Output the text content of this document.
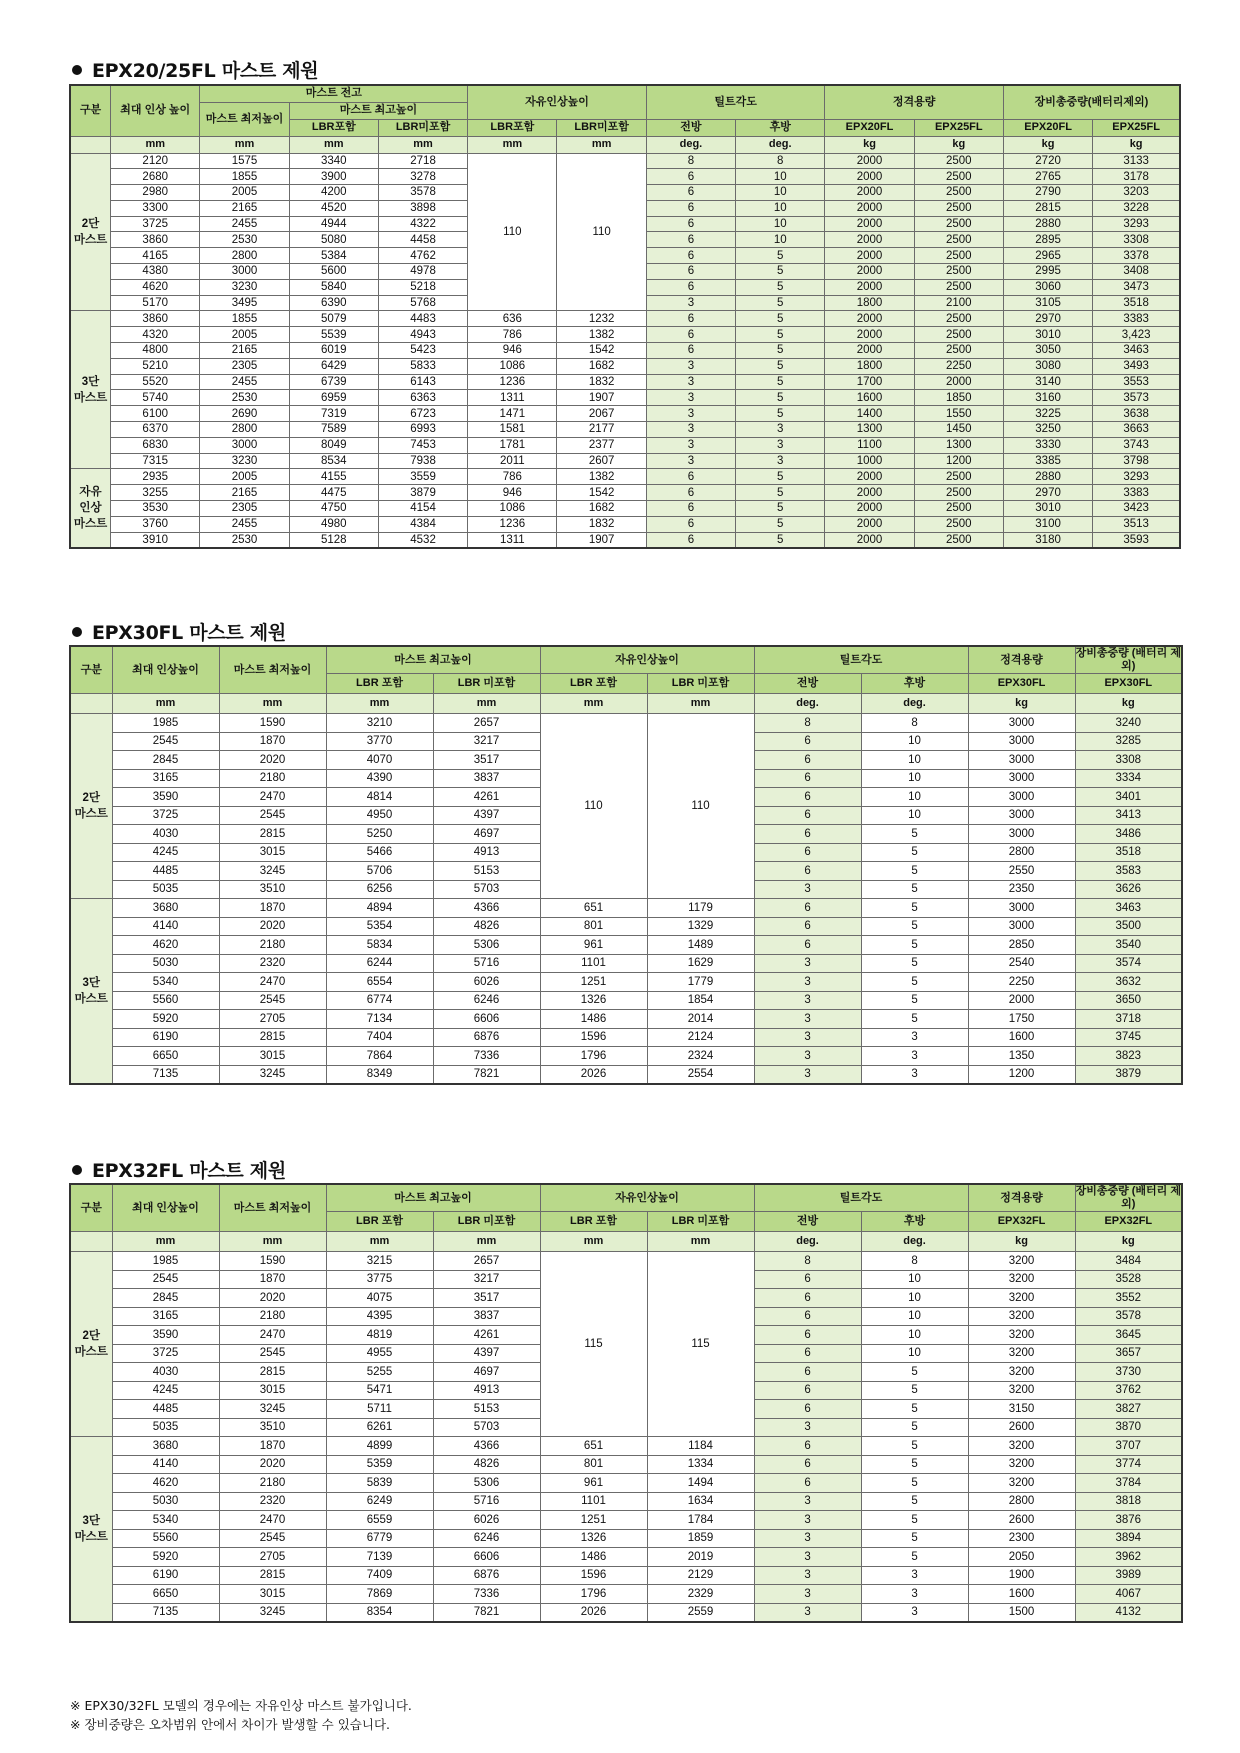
EPX20/25FL 마스트 제원
구분	최대 인상 높이	마스트 전고			자유인상높이		틸트각도		정격용량		장비총중량(배터리제외)	
		마스트 최저높이	마스트 최고높이									
			LBR포함	LBR미포함	LBR포함	LBR미포함	전방	후방	EPX20FL	EPX25FL	EPX20FL	EPX25FL
	mm	mm	mm	mm	mm	mm	deg.	deg.	kg	kg	kg	kg

2단
마스트	2120	1575	3340	2718	110	110	8	8	2000	2500	2720	3133
	2680	1855	3900	3278			6	10	2000	2500	2765	3178
	2980	2005	4200	3578			6	10	2000	2500	2790	3203
	3300	2165	4520	3898			6	10	2000	2500	2815	3228
	3725	2455	4944	4322			6	10	2000	2500	2880	3293
	3860	2530	5080	4458			6	10	2000	2500	2895	3308
	4165	2800	5384	4762			6	5	2000	2500	2965	3378
	4380	3000	5600	4978			6	5	2000	2500	2995	3408
	4620	3230	5840	5218			6	5	2000	2500	3060	3473
	5170	3495	6390	5768			3	5	1800	2100	3105	3518

3단
마스트	3860	1855	5079	4483	636	1232	6	5	2000	2500	2970	3383
	4320	2005	5539	4943	786	1382	6	5	2000	2500	3010	3,423
	4800	2165	6019	5423	946	1542	6	5	2000	2500	3050	3463
	5210	2305	6429	5833	1086	1682	3	5	1800	2250	3080	3493
	5520	2455	6739	6143	1236	1832	3	5	1700	2000	3140	3553
	5740	2530	6959	6363	1311	1907	3	5	1600	1850	3160	3573
	6100	2690	7319	6723	1471	2067	3	5	1400	1550	3225	3638
	6370	2800	7589	6993	1581	2177	3	3	1300	1450	3250	3663
	6830	3000	8049	7453	1781	2377	3	3	1100	1300	3330	3743
	7315	3230	8534	7938	2011	2607	3	3	1000	1200	3385	3798

자유
인상
마스트	2935	2005	4155	3559	786	1382	6	5	2000	2500	2880	3293
	3255	2165	4475	3879	946	1542	6	5	2000	2500	2970	3383
	3530	2305	4750	4154	1086	1682	6	5	2000	2500	3010	3423
	3760	2455	4980	4384	1236	1832	6	5	2000	2500	3100	3513
	3910	2530	5128	4532	1311	1907	6	5	2000	2500	3180	3593
EPX30FL 마스트 제원
구분	최대 인상높이	마스트 최저높이	마스트 최고높이		자유인상높이		틸트각도		정격용량	장비총중량 (배터리 제외)
			LBR 포함	LBR 미포함	LBR 포함	LBR 미포함	전방	후방	EPX30FL	EPX30FL
	mm	mm	mm	mm	mm	mm	deg.	deg.	kg	kg

2단
마스트	1985	1590	3210	2657	110	110	8	8	3000	3240
	2545	1870	3770	3217			6	10	3000	3285
	2845	2020	4070	3517			6	10	3000	3308
	3165	2180	4390	3837			6	10	3000	3334
	3590	2470	4814	4261			6	10	3000	3401
	3725	2545	4950	4397			6	10	3000	3413
	4030	2815	5250	4697			6	5	3000	3486
	4245	3015	5466	4913			6	5	2800	3518
	4485	3245	5706	5153			6	5	2550	3583
	5035	3510	6256	5703			3	5	2350	3626

3단
마스트	3680	1870	4894	4366	651	1179	6	5	3000	3463
	4140	2020	5354	4826	801	1329	6	5	3000	3500
	4620	2180	5834	5306	961	1489	6	5	2850	3540
	5030	2320	6244	5716	1101	1629	3	5	2540	3574
	5340	2470	6554	6026	1251	1779	3	5	2250	3632
	5560	2545	6774	6246	1326	1854	3	5	2000	3650
	5920	2705	7134	6606	1486	2014	3	5	1750	3718
	6190	2815	7404	6876	1596	2124	3	3	1600	3745
	6650	3015	7864	7336	1796	2324	3	3	1350	3823
	7135	3245	8349	7821	2026	2554	3	3	1200	3879
EPX32FL 마스트 제원
구분	최대 인상높이	마스트 최저높이	마스트 최고높이		자유인상높이		틸트각도		정격용량	장비총중량 (배터리 제외)
			LBR 포함	LBR 미포함	LBR 포함	LBR 미포함	전방	후방	EPX32FL	EPX32FL
	mm	mm	mm	mm	mm	mm	deg.	deg.	kg	kg

2단
마스트	1985	1590	3215	2657	115	115	8	8	3200	3484
	2545	1870	3775	3217			6	10	3200	3528
	2845	2020	4075	3517			6	10	3200	3552
	3165	2180	4395	3837			6	10	3200	3578
	3590	2470	4819	4261			6	10	3200	3645
	3725	2545	4955	4397			6	10	3200	3657
	4030	2815	5255	4697			6	5	3200	3730
	4245	3015	5471	4913			6	5	3200	3762
	4485	3245	5711	5153			6	5	3150	3827
	5035	3510	6261	5703			3	5	2600	3870

3단
마스트	3680	1870	4899	4366	651	1184	6	5	3200	3707
	4140	2020	5359	4826	801	1334	6	5	3200	3774
	4620	2180	5839	5306	961	1494	6	5	3200	3784
	5030	2320	6249	5716	1101	1634	3	5	2800	3818
	5340	2470	6559	6026	1251	1784	3	5	2600	3876
	5560	2545	6779	6246	1326	1859	3	5	2300	3894
	5920	2705	7139	6606	1486	2019	3	5	2050	3962
	6190	2815	7409	6876	1596	2129	3	3	1900	3989
	6650	3015	7869	7336	1796	2329	3	3	1600	4067
	7135	3245	8354	7821	2026	2559	3	3	1500	4132
※ EPX30/32FL 모델의 경우에는 자유인상 마스트 불가입니다.
※ 장비중량은 오차범위 안에서 차이가 발생할 수 있습니다.
